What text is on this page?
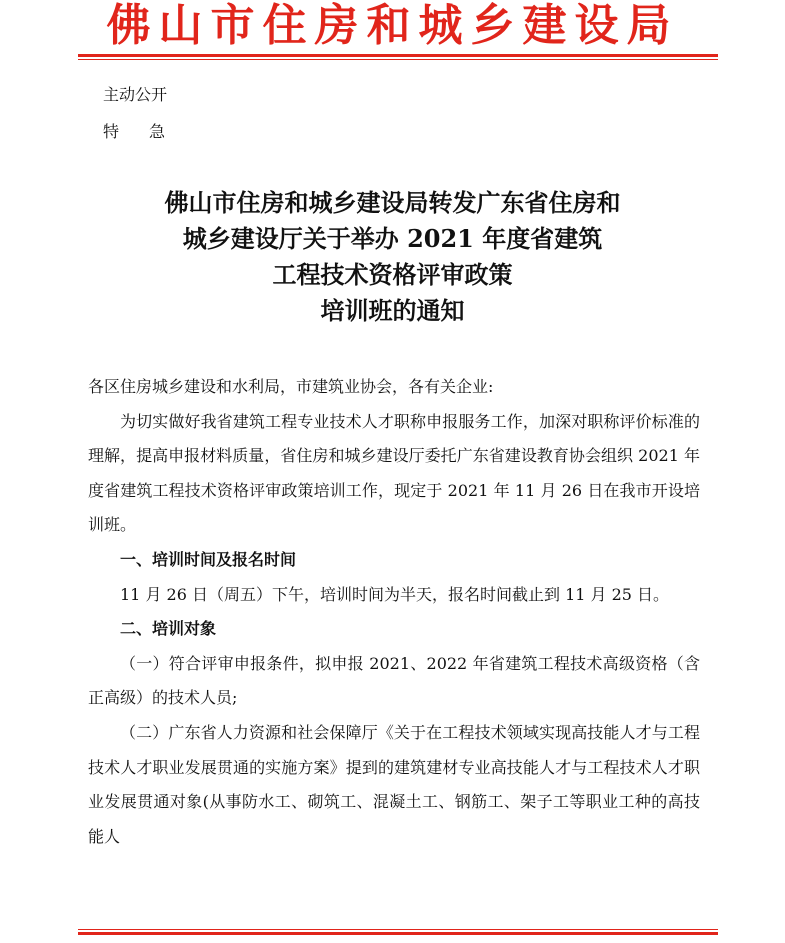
佛山市住房和城乡建设局
主动公开
特 急
佛山市住房和城乡建设局转发广东省住房和
城乡建设厅关于举办 2021 年度省建筑
工程技术资格评审政策
培训班的通知

各区住房城乡建设和水利局，市建筑业协会，各有关企业:

为切实做好我省建筑工程专业技术人才职称申报服务工作，加深对职称评价标准的理解，提高申报材料质量，省住房和城乡建设厅委托广东省建设教育协会组织 2021 年度省建筑工程技术资格评审政策培训工作，现定于 2021 年 11 月 26 日在我市开设培训班。

一、培训时间及报名时间

11 月 26 日（周五）下午，培训时间为半天，报名时间截止到 11 月 25 日。

二、培训对象

（一）符合评审申报条件，拟申报 2021、2022 年省建筑工程技术高级资格（含正高级）的技术人员;

（二）广东省人力资源和社会保障厅《关于在工程技术领域实现高技能人才与工程技术人才职业发展贯通的实施方案》提到的建筑建材专业高技能人才与工程技术人才职业发展贯通对象(从事防水工、砌筑工、混凝土工、钢筋工、架子工等职业工种的高技能人
